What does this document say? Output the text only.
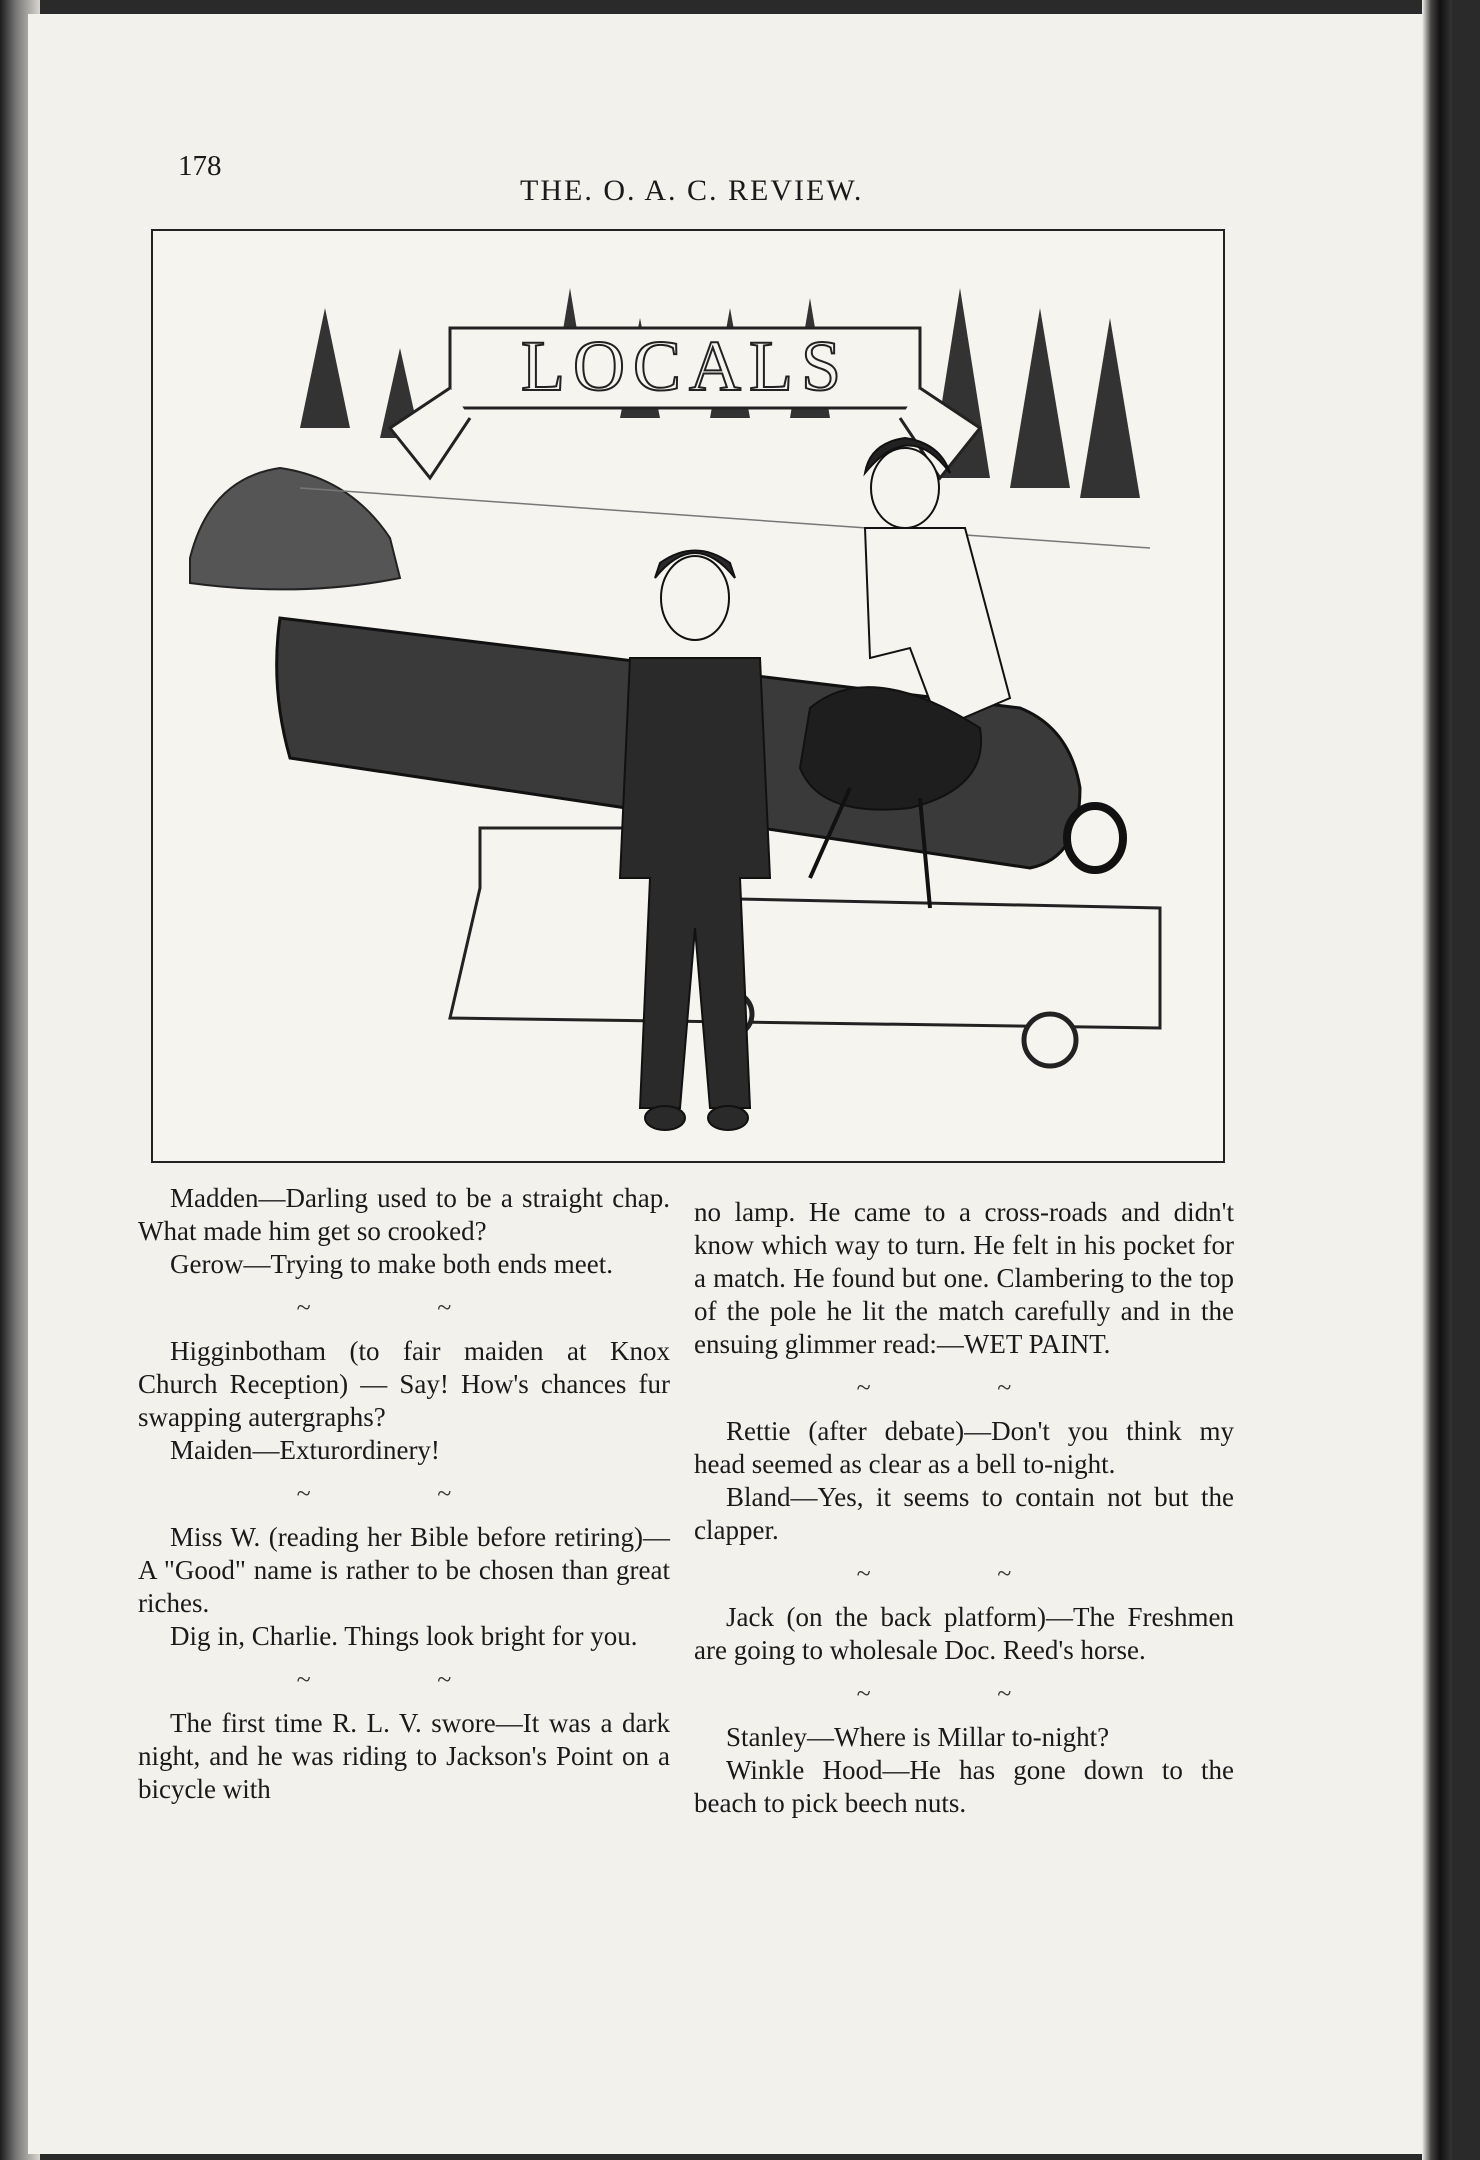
178
THE. O. A. C. REVIEW.
LOCALS

Madden—Darling used to be a straight chap. What made him get so crooked?

Gerow—Trying to make both ends meet.

~ ~

Higginbotham (to fair maiden at Knox Church Reception) — Say! How's chances fur swapping autergraphs?

Maiden—Exturordinery!

~ ~

Miss W. (reading her Bible before retiring)—A "Good" name is rather to be chosen than great riches.

Dig in, Charlie. Things look bright for you.

~ ~

The first time R. L. V. swore—It was a dark night, and he was riding to Jackson's Point on a bicycle with

no lamp. He came to a cross-roads and didn't know which way to turn. He felt in his pocket for a match. He found but one. Clambering to the top of the pole he lit the match carefully and in the ensuing glimmer read:—WET PAINT.

~ ~

Rettie (after debate)—Don't you think my head seemed as clear as a bell to-night.

Bland—Yes, it seems to contain not but the clapper.

~ ~

Jack (on the back platform)—The Freshmen are going to wholesale Doc. Reed's horse.

~ ~

Stanley—Where is Millar to-night?

Winkle Hood—He has gone down to the beach to pick beech nuts.
